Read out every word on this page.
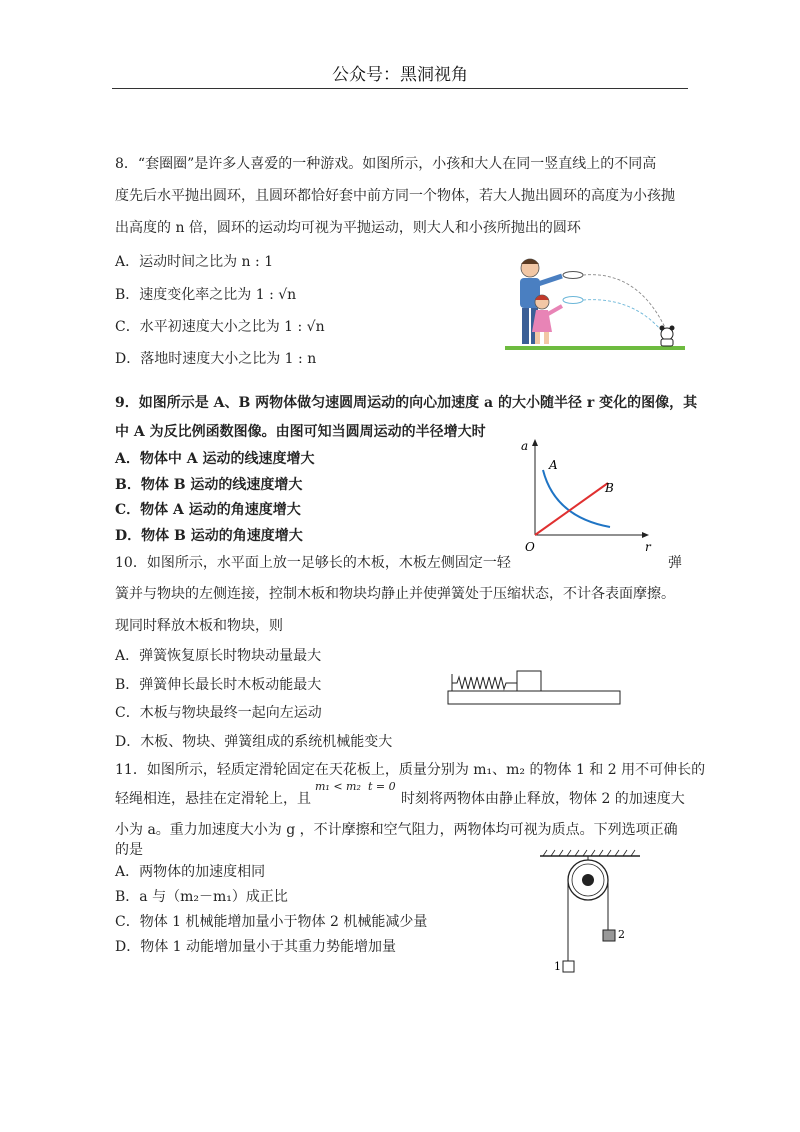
公众号：黑洞视角
8．“套圈圈”是许多人喜爱的一种游戏。如图所示，小孩和大人在同一竖直线上的不同高
度先后水平抛出圆环，且圆环都恰好套中前方同一个物体，若大人抛出圆环的高度为小孩抛
出高度的 n 倍，圆环的运动均可视为平抛运动，则大人和小孩所抛出的圆环
A．运动时间之比为 n : 1
B．速度变化率之比为 1 : √n
C．水平初速度大小之比为 1 : √n
D．落地时速度大小之比为 1 : n
9．如图所示是 A、B 两物体做匀速圆周运动的向心加速度 a 的大小随半径 r 变化的图像，其
中 A 为反比例函数图像。由图可知当圆周运动的半径增大时
A．物体中 A 运动的线速度增大
B．物体 B 运动的线速度增大
C．物体 A 运动的角速度增大
D．物体 B 运动的角速度增大
a
r
O
A
B
10．如图所示，水平面上放一足够长的木板，木板左侧固定一轻	弹
簧并与物块的左侧连接，控制木板和物块均静止并使弹簧处于压缩状态，不计各表面摩擦。
现同时释放木板和物块，则
A．弹簧恢复原长时物块动量最大
B．弹簧伸长最长时木板动能最大
C．木板与物块最终一起向左运动
D．木板、物块、弹簧组成的系统机械能变大
11．如图所示，轻质定滑轮固定在天花板上，质量分别为 m₁、m₂ 的物体 1 和 2 用不可伸长的
轻绳相连，悬挂在定滑轮上，且
m₁ < m₂ t = 0
时刻将两物体由静止释放，物体 2 的加速度大
小为 a。重力加速度大小为 g ，不计摩擦和空气阻力，两物体均可视为质点。下列选项正确
的是
A．两物体的加速度相同
B．a 与（m₂－m₁）成正比
C．物体 1 机械能增加量小于物体 2 机械能减少量
D．物体 1 动能增加量小于其重力势能增加量
1
2
